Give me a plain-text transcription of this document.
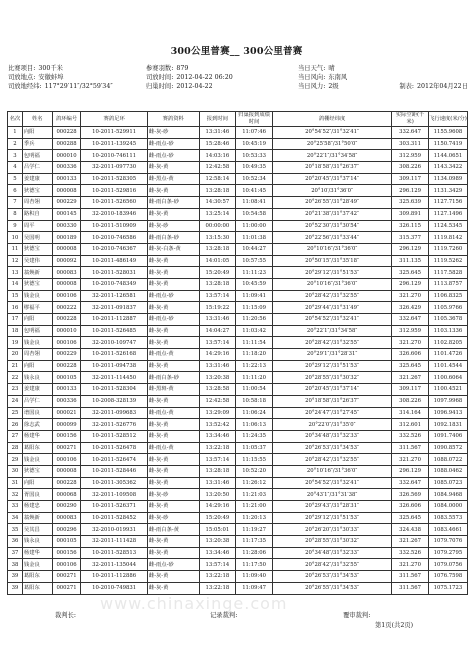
300公里普赛__ 300公里普赛
比赛项目: 300千米	参赛羽数: 879	当日天气: 晴
司放地点: 安徽蚌埠	司放时间: 2012-04-22 06:20	当日风向: 东南风
司放地经纬: 117°29′11″/32°59′34″	归巢时间: 2012-04-22	当日风力: 2级	制表: 2012年04月22日
名次	姓名	鸽环编号	赛鸽足环	赛鸽资料	报到时间	归巢报到成绩时间	鸽棚经纬度	实际空距(千米)	飞行速度(米/分)
1	向阳	000228	10-2011-529911	雌-灰-砂	13:31:46	11:07:46	20°54′52″/31°32′41″	332.647	1155.9608
2	季兵	000288	10-2011-139245	雌-雨点-砂	15:28:46	10:45:19	20°25′58″/31°50′0″	303.311	1150.7419
3	包明福	000010	10-2010-746111	雌-雨点-砂	14:03:16	10:53:33	20°22′1″/31°34′58″	312.959	1144.0651
4	吕学仁	000336	32-2011-097730	雌-灰-黄	12:42:58	10:49:35	20°18′58″/31°26′37″	308.226	1143.3422
5	姜建康	000133	10-2011-528305	雌-黑点-黄	12:58:14	10:52:34	20°20′45″/31°37′14″	309.117	1134.0989
6	狄德宝	000008	10-2011-529816	雌-灰-黄	13:28:18	10:41:45	20°10′/31°36′0″	296.129	1131.3429
7	周杏翎	000229	10-2011-526560	雌-雨白条-砂	14:30:57	11:08:41	20°26′55″/31°28′49″	325.639	1127.7156
8	路积自	000145	32-2010-183946	雌-灰-黄	13:25:14	10:54:58	20°21′38″/31°37′42″	309.891	1127.1496
9	周平	000330	10-2011-510909	雌-灰-砂	00:00:00	11:00:00	20°52′30″/31°30′54″	326.115	1124.5345
10	吴国明	000189	10-2010-746586	雌-雨白条-砂	13:15:30	11:01:38	20°22′56″/31°33′44″	315.377	1119.8142
11	狄德宝	000008	10-2010-746367	雌-灰-白条-黄	13:28:18	10:44:27	20°10′16″/31°36′0″	296.129	1119.7260
12	吴建伟	000092	10-2011-486149	雌-灰-黄	14:01:05	10:57:55	20°50′15″/31°35′18″	311.135	1119.5262
13	翁焕新	000083	10-2011-528031	雌-灰-黄	15:20:49	11:11:23	20°29′12″/31°51′53″	325.645	1117.5828
14	狄德宝	000008	10-2010-748349	雌-灰-黄	13:28:18	10:45:59	20°10′16″/31°36′0″	296.129	1113.8757
15	钱金良	000106	32-2011-126581	雌-雨点-砂	13:57:14	11:09:41	20°28′42″/31°32′55″	321.270	1106.8325
16	缪福平	000222	32-2011-091837	雌-灰-黄	15:19:22	11:15:09	20°29′44″/31°31′49″	326.429	1105.9766
17	向阳	000228	10-2011-112887	雌-雨点-砂	13:31:46	11:20:56	20°54′52″/31°32′41″	332.647	1105.3678
18	包明福	000010	10-2011-526485	雌-灰-黄	14:04:27	11:03:42	20°22′1″/31°34′58″	312.959	1103.1336
19	钱金良	000106	32-2010-109747	雌-灰-黄	13:57:14	11:11:54	20°28′42″/31°32′55″	321.270	1102.8205
20	周杏翎	000229	10-2011-526168	雌-雨点-黄	14:29:16	11:18:20	20°29′1″/31°28′31″	326.606	1101.4726
21	向阳	000228	10-2011-094738	雌-灰-黄	13:31:46	11:22:13	20°29′12″/31°51′53″	325.645	1101.4544
22	钱永良	000105	32-2011-114450	雌-雨白条-砂	13:20:38	11:11:20	20°28′55″/31°30′32″	321.267	1100.6064
23	姜建康	000133	10-2011-528304	雌-黑斑-黄	13:28:58	11:00:54	20°20′45″/31°37′14″	309.117	1100.4521
24	吕学仁	000336	10-2008-328139	雌-灰-黄	12:42:58	10:58:18	20°18′58″/31°26′37″	308.226	1097.9968
25	谱国良	000021	32-2011-099683	雌-雨点-黄	13:29:09	11:06:24	20°24′47″/31°27′45″	314.164	1096.9413
26	徐志武	000099	32-2011-526776	雌-灰-黄	13:52:42	11:06:13	20°22′0″/31°35′0″	312.601	1092.1831
27	杨建华	000156	10-2011-528512	雌-灰-黄	13:34:46	11:24:35	20°34′48″/31°32′33″	332.526	1091.7406
28	葛阳东	000271	10-2011-526478	雌-雨点-黄	13:22:18	11:05:37	20°26′53″/31°34′53″	311.567	1090.8572
29	钱金良	000106	10-2011-526474	雌-灰-黄	13:57:14	11:15:55	20°28′42″/31°32′55″	321.270	1088.0722
30	狄德宝	000008	10-2011-528446	雌-灰-黄	13:28:18	10:52:20	20°10′16″/31°36′0″	296.129	1088.0462
31	向阳	000228	10-2011-305362	雌-灰-黄	13:31:46	11:26:12	20°54′52″/31°32′41″	332.647	1085.0723
32	胥国良	000068	32-2011-109508	雌-灰-砂	13:20:50	11:21:03	20°43′1″/31°31′38″	326.569	1084.9468
33	杨建忠	000290	10-2011-526371	雌-灰-黄	14:29:16	11:21:00	20°29′43″/31°28′31″	326.606	1084.0000
34	翁焕新	000083	10-2011-528452	雌-灰-砂	15:20:49	11:20:13	20°29′12″/31°51′53″	325.645	1083.5573
35	吴其昌	000296	32-2010-019931	雌-雨白条-黄	15:05:01	11:19:27	20°26′20″/31°30′33″	324.438	1083.4661
36	钱永良	000105	32-2011-111428	雌-灰-黄	13:20:38	11:17:35	20°28′55″/31°30′32″	321.267	1079.7076
37	杨建华	000156	10-2011-528513	雌-灰-黄	13:34:46	11:28:06	20°34′48″/31°32′33″	332.526	1079.2795
38	钱金良	000106	32-2011-135044	雌-雨点-砂	13:57:14	11:17:50	20°28′42″/31°32′55″	321.270	1079.0756
39	葛阳东	000271	10-2011-112886	雌-灰-黄	13:22:18	11:09:40	20°26′53″/31°34′53″	311.567	1076.7598
39	葛阳东	000271	10-2010-749831	雌-灰-黄	13:22:18	11:09:47	20°26′55″/31°34′53″	311.567	1075.1723
www.chinaxinge.com
裁判长:	记录裁判:	覆审裁判:
第1页(共2页)
